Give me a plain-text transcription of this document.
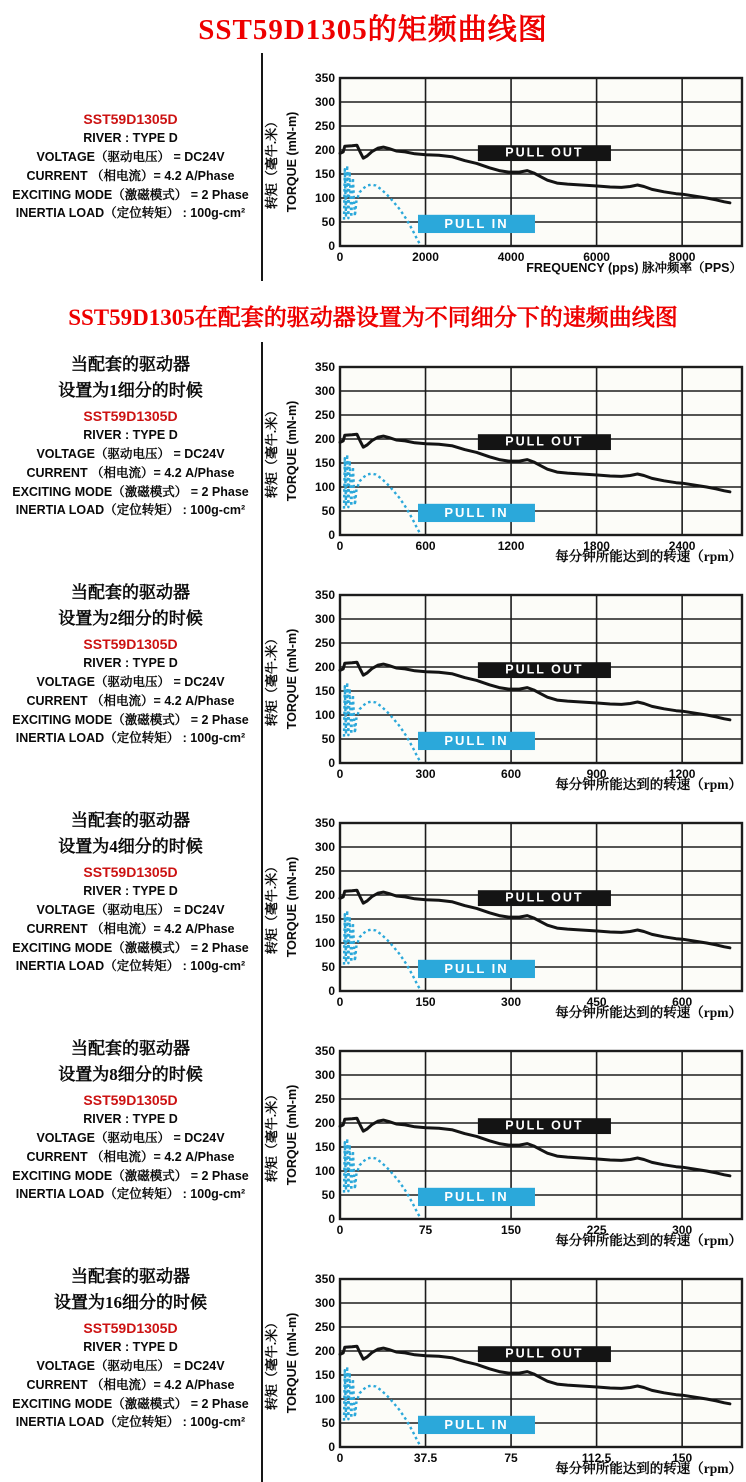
SST59D1305的矩频曲线图
SST59D1305D
RIVER : TYPE D
VOLTAGE（驱动电压） = DC24V
CURRENT （相电流）= 4.2 A/Phase
EXCITING MODE（激磁模式） = 2 Phase
INERTIA LOAD（定位转矩） : 100g-cm²
PULL OUT
PULL IN
350
300
250
200
150
100
50
0
0	2000	4000	6000	8000
转矩（毫牛.米） TORQUE (mN-m)
FREQUENCY (pps) 脉冲频率（PPS）
SST59D1305在配套的驱动器设置为不同细分下的速频曲线图
当配套的驱动器
设置为1细分的时候
SST59D1305D
RIVER : TYPE D
VOLTAGE（驱动电压） = DC24V
CURRENT （相电流）= 4.2 A/Phase
EXCITING MODE（激磁模式） = 2 Phase
INERTIA LOAD（定位转矩） : 100g-cm²
PULL OUT
PULL IN
350
300
250
200
150
100
50
0
0	600	1200	1800	2400
转矩（毫牛.米） TORQUE (mN-m)
每分钟所能达到的转速（rpm）
当配套的驱动器
设置为2细分的时候
SST59D1305D
RIVER : TYPE D
VOLTAGE（驱动电压） = DC24V
CURRENT （相电流）= 4.2 A/Phase
EXCITING MODE（激磁模式） = 2 Phase
INERTIA LOAD（定位转矩） : 100g-cm²
PULL OUT
PULL IN
350
300
250
200
150
100
50
0
0	300	600	900	1200
转矩（毫牛.米） TORQUE (mN-m)
每分钟所能达到的转速（rpm）
当配套的驱动器
设置为4细分的时候
SST59D1305D
RIVER : TYPE D
VOLTAGE（驱动电压） = DC24V
CURRENT （相电流）= 4.2 A/Phase
EXCITING MODE（激磁模式） = 2 Phase
INERTIA LOAD（定位转矩） : 100g-cm²
PULL OUT
PULL IN
350
300
250
200
150
100
50
0
0	150	300	450	600
转矩（毫牛.米） TORQUE (mN-m)
每分钟所能达到的转速（rpm）
当配套的驱动器
设置为8细分的时候
SST59D1305D
RIVER : TYPE D
VOLTAGE（驱动电压） = DC24V
CURRENT （相电流）= 4.2 A/Phase
EXCITING MODE（激磁模式） = 2 Phase
INERTIA LOAD（定位转矩） : 100g-cm²
PULL OUT
PULL IN
350
300
250
200
150
100
50
0
0	75	150	225	300
转矩（毫牛.米） TORQUE (mN-m)
每分钟所能达到的转速（rpm）
当配套的驱动器
设置为16细分的时候
SST59D1305D
RIVER : TYPE D
VOLTAGE（驱动电压） = DC24V
CURRENT （相电流）= 4.2 A/Phase
EXCITING MODE（激磁模式） = 2 Phase
INERTIA LOAD（定位转矩） : 100g-cm²
PULL OUT
PULL IN
350
300
250
200
150
100
50
0
0	37.5	75	112.5	150
转矩（毫牛.米） TORQUE (mN-m)
每分钟所能达到的转速（rpm）
